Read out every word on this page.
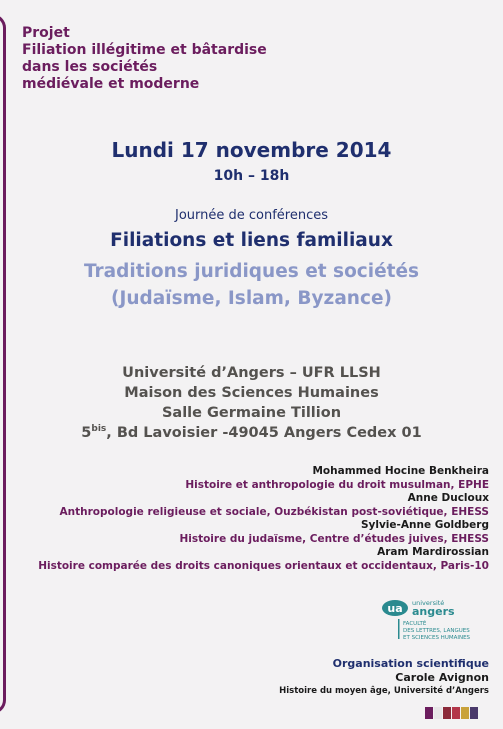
Projet
Filiation illégitime et bâtardise
dans les sociétés
médiévale et moderne
Lundi 17 novembre 2014
10h – 18h
Journée de conférences
Filiations et liens familiaux
Traditions juridiques et sociétés
(Judaïsme, Islam, Byzance)
Université d’Angers – UFR LLSH
Maison des Sciences Humaines
Salle Germaine Tillion
$5^{bis}$, Bd Lavoisier -49045 Angers Cedex 01
Mohammed Hocine Benkheira
Histoire et anthropologie du droit musulman, EPHE
Anne Ducloux
Anthropologie religieuse et sociale, Ouzbékistan post-soviétique, EHESS
Sylvie-Anne Goldberg
Histoire du judaïsme, Centre d’études juives, EHESS
Aram Mardirossian
Histoire comparée des droits canoniques orientaux et occidentaux, Paris-10
ua université
angers
FACULTÉ
DES LETTRES, LANGUES
ET SCIENCES HUMAINES
Organisation scientifique
Carole Avignon
Histoire du moyen âge, Université d’Angers
